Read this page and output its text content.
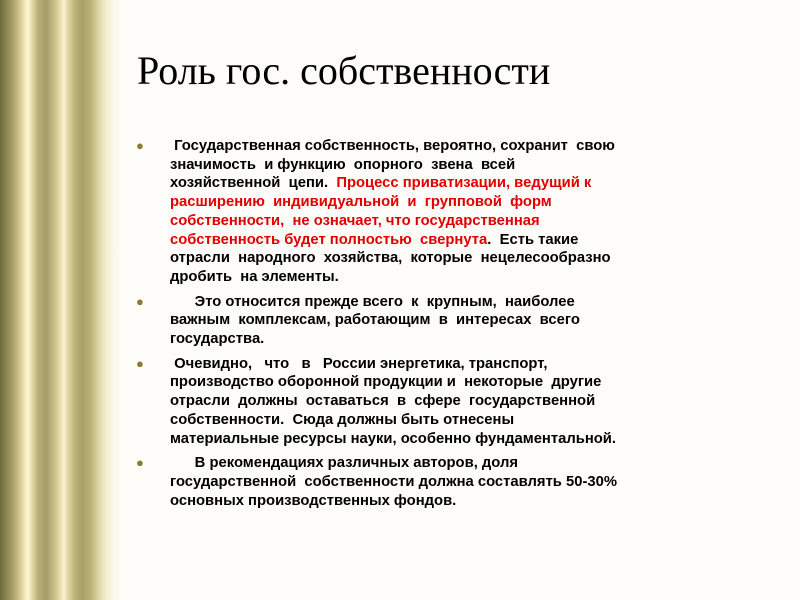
Роль гос. собственности
●	Государственная собственность, вероятно, сохранит  свою
значимость  и функцию  опорного  звена  всей
хозяйственной  цепи.  Процесс приватизации, ведущий к
расширению  индивидуальной  и  групповой  форм
собственности,  не означает, что государственная
собственность будет полностью  свернута.  Есть такие
отрасли  народного  хозяйства,  которые  нецелесообразно
дробить  на элементы.
●	Это относится прежде всего  к  крупным,  наиболее
важным  комплексам, работающим  в  интересах  всего
государства.
●	Очевидно,   что   в   России энергетика, транспорт,
производство оборонной продукции и  некоторые  другие
отрасли  должны  оставаться  в  сфере  государственной
собственности.  Сюда должны быть отнесены
материальные ресурсы науки, особенно фундаментальной.
●	В рекомендациях различных авторов, доля
государственной  собственности должна составлять 50-30%
основных производственных фондов.
